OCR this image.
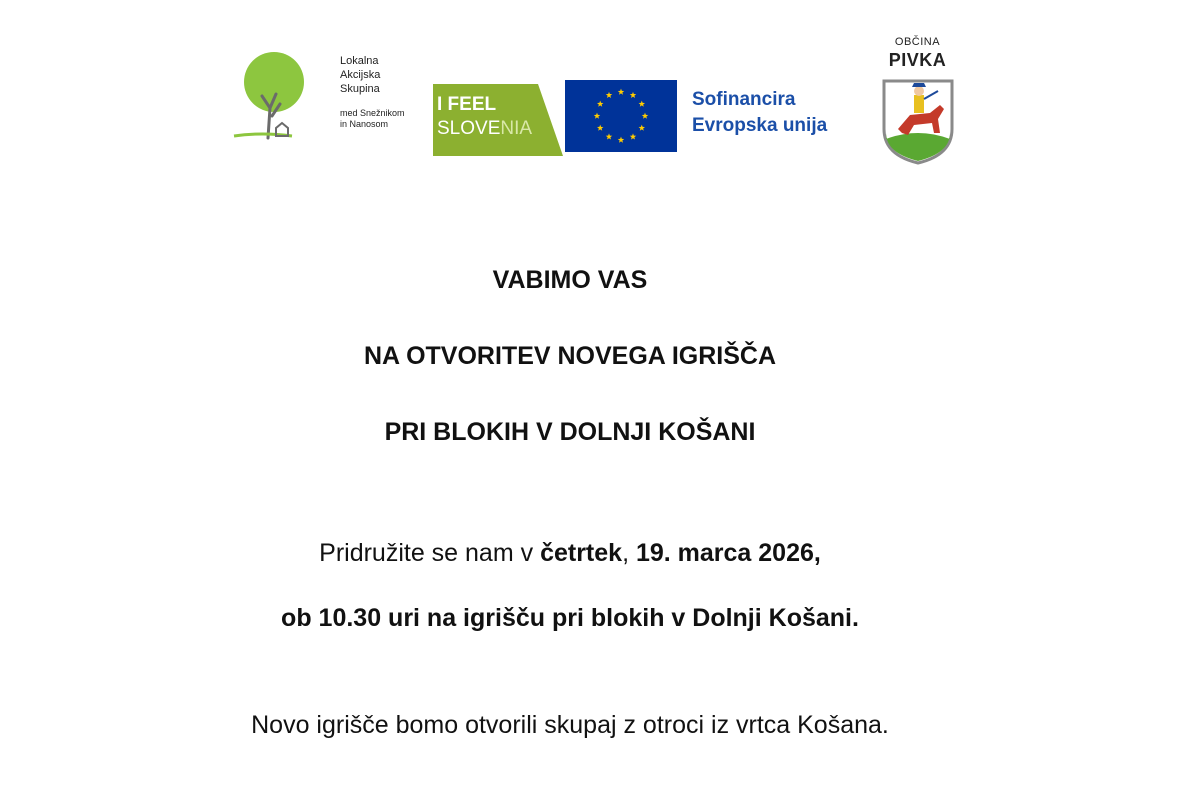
Lokalna
Akcijska
Skupina
med Snežnikom
in Nanosom
I FEEL
SLOVENIA
Sofinancira
Evropska unija
OBČINA
PIVKA
VABIMO VAS
NA OTVORITEV NOVEGA IGRIŠČA
PRI BLOKIH V DOLNJI KOŠANI

Pridružite se nam v četrtek, 19. marca 2026,

ob 10.30 uri na igrišču pri blokih v Dolnji Košani.

Novo igrišče bomo otvorili skupaj z otroci iz vrtca Košana.
